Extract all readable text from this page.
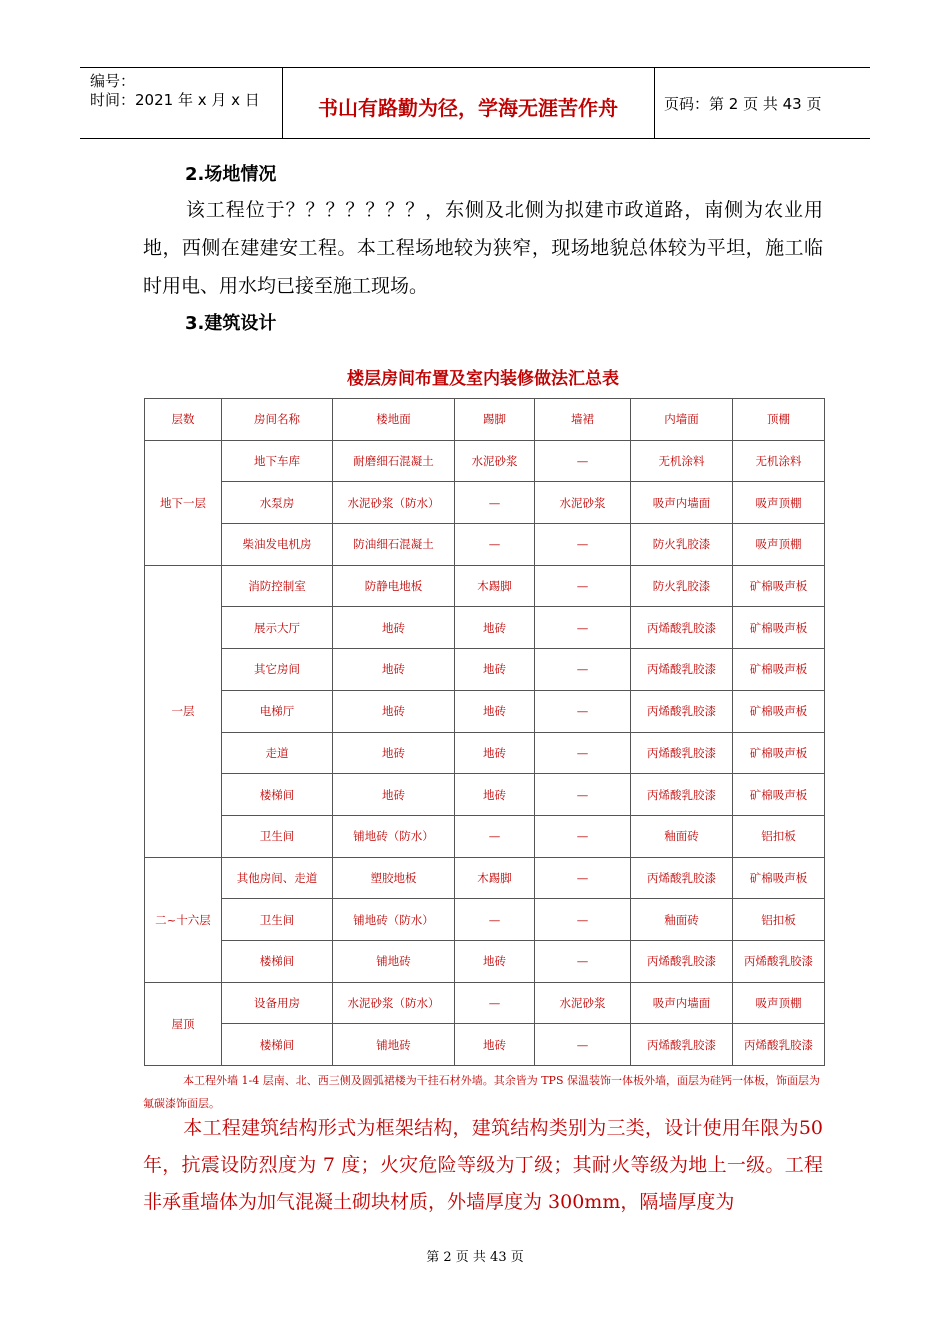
编号：
时间：2021 年 x 月 x 日	书山有路勤为径，学海无涯苦作舟	页码：第 2 页 共 43 页
2.场地情况
该工程位于？？？？？？？，东侧及北侧为拟建市政道路，南侧为农业用地，西侧在建建安工程。本工程场地较为狭窄，现场地貌总体较为平坦，施工临时用电、用水均已接至施工现场。
3.建筑设计
楼层房间布置及室内装修做法汇总表
层数	房间名称	楼地面	踢脚	墙裙	内墙面	顶棚
地下一层	地下车库	耐磨细石混凝土	水泥砂浆	—	无机涂料	无机涂料
	水泵房	水泥砂浆（防水）	—	水泥砂浆	吸声内墙面	吸声顶棚
	柴油发电机房	防油细石混凝土	—	—	防火乳胶漆	吸声顶棚
一层	消防控制室	防静电地板	木踢脚	—	防火乳胶漆	矿棉吸声板
	展示大厅	地砖	地砖	—	丙烯酸乳胶漆	矿棉吸声板
	其它房间	地砖	地砖	—	丙烯酸乳胶漆	矿棉吸声板
	电梯厅	地砖	地砖	—	丙烯酸乳胶漆	矿棉吸声板
	走道	地砖	地砖	—	丙烯酸乳胶漆	矿棉吸声板
	楼梯间	地砖	地砖	—	丙烯酸乳胶漆	矿棉吸声板
	卫生间	铺地砖（防水）	—	—	釉面砖	铝扣板
二~十六层	其他房间、走道	塑胶地板	木踢脚	—	丙烯酸乳胶漆	矿棉吸声板
	卫生间	铺地砖（防水）	—	—	釉面砖	铝扣板
	楼梯间	铺地砖	地砖	—	丙烯酸乳胶漆	丙烯酸乳胶漆
屋顶	设备用房	水泥砂浆（防水）	—	水泥砂浆	吸声内墙面	吸声顶棚
	楼梯间	铺地砖	地砖	—	丙烯酸乳胶漆	丙烯酸乳胶漆
本工程外墙 1-4 层南、北、西三侧及圆弧裙楼为干挂石材外墙。其余皆为 TPS 保温装饰一体板外墙，面层为硅钙一体板，饰面层为氟碳漆饰面层。
本工程建筑结构形式为框架结构，建筑结构类别为三类，设计使用年限为50 年，抗震设防烈度为 7 度；火灾危险等级为丁级；其耐火等级为地上一级。工程非承重墙体为加气混凝土砌块材质，外墙厚度为 300mm，隔墙厚度为
第 2 页 共 43 页
